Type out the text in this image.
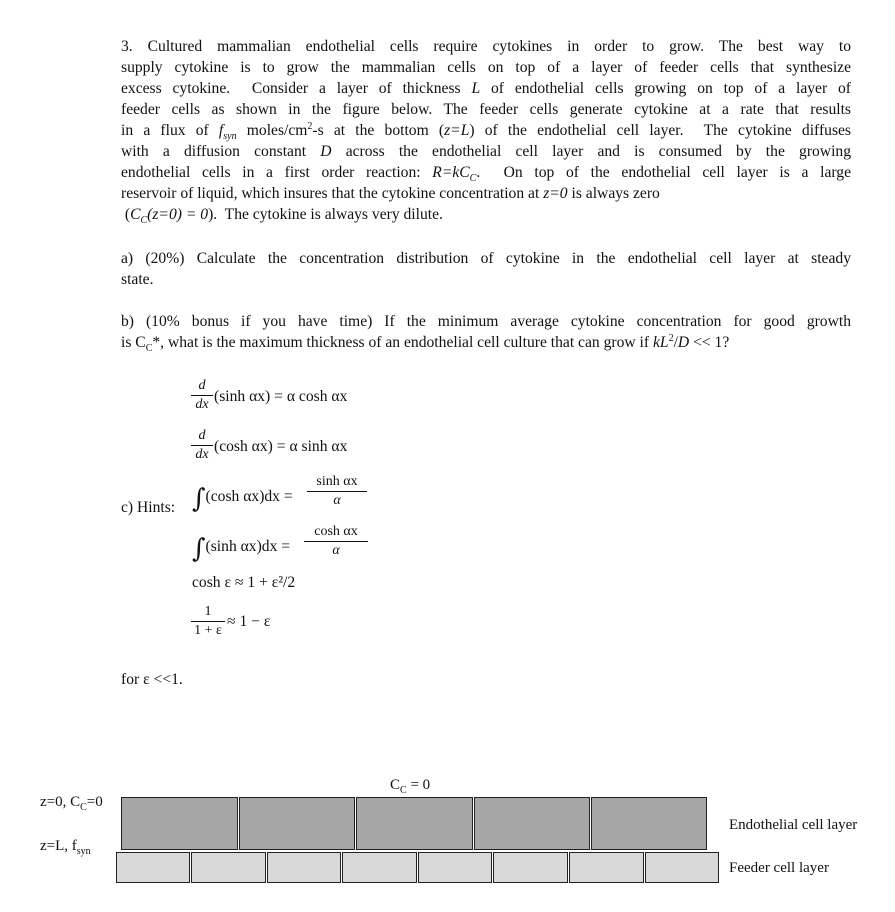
3. Cultured mammalian endothelial cells require cytokines in order to grow. The best way to
supply cytokine is to grow the mammalian cells on top of a layer of feeder cells that synthesize
excess cytokine.  Consider a layer of thickness L of endothelial cells growing on top of a layer of
feeder cells as shown in the figure below. The feeder cells generate cytokine at a rate that results
in a flux of $f_{syn}$ moles/$cm^2-s$ at the bottom (z=L) of the endothelial cell layer.  The cytokine diffuses
with a diffusion constant D across the endothelial cell layer and is consumed by the growing
endothelial cells in a first order reaction: $R=kC_C$.  On top of the endothelial cell layer is a large
reservoir of liquid, which insures that the cytokine concentration at z=0 is always zero
$(C_C(z=0) = 0)$.  The cytokine is always very dilute.
a) (20%) Calculate the concentration distribution of cytokine in the endothelial cell layer at steady
state.
b) (10% bonus if you have time) If the minimum average cytokine concentration for good growth
is $C_C*$, what is the maximum thickness of an endothelial cell culture that can grow if $kL^2/D << 1$?
c) Hints:
d
dx (sinh αx) = α cosh αx
d
dx (cosh αx) = α sinh αx
∫(cosh αx)dx =
sinh αx
α
∫(sinh αx)dx =
cosh αx
α
cosh ε ≈ 1 + ε²/2
1
1 + ε
≈ 1 − ε
for ε <<1.
$C_C = 0$
z=0, $C_C=0$
z=L, $f_{syn}$
Endothelial cell layer
Feeder cell layer
